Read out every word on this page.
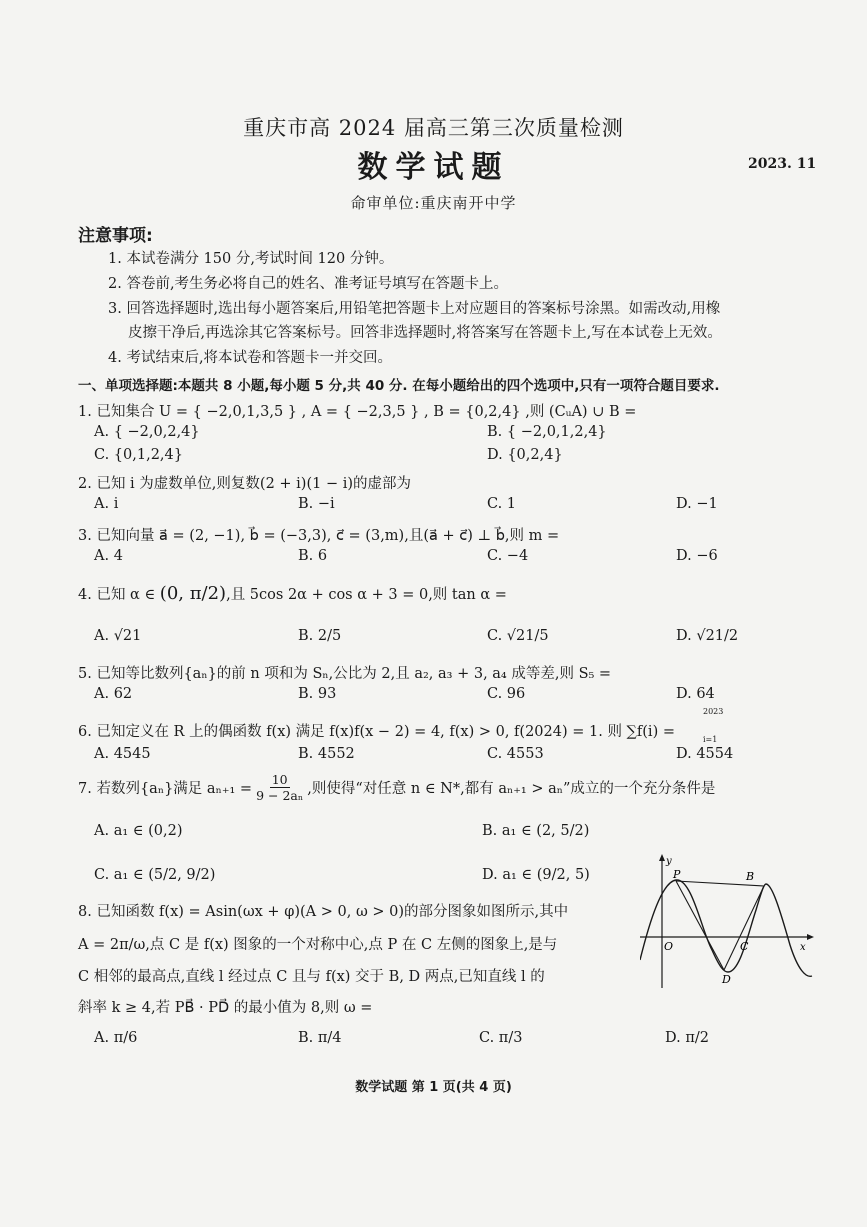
重庆市高 2024 届高三第三次质量检测
数学试题	2023. 11
命审单位:重庆南开中学
注意事项:
1. 本试卷满分 150 分,考试时间 120 分钟。
2. 答卷前,考生务必将自己的姓名、准考证号填写在答题卡上。
3. 回答选择题时,选出每小题答案后,用铅笔把答题卡上对应题目的答案标号涂黑。如需改动,用橡
皮擦干净后,再选涂其它答案标号。回答非选择题时,将答案写在答题卡上,写在本试卷上无效。
4. 考试结束后,将本试卷和答题卡一并交回。
一、单项选择题:本题共 8 小题,每小题 5 分,共 40 分. 在每小题给出的四个选项中,只有一项符合题目要求.
1. 已知集合 U = { −2,0,1,3,5 } , A = { −2,3,5 } , B = {0,2,4} ,则 (CᵤA) ∪ B =
A. { −2,0,2,4}	B. { −2,0,1,2,4}
C. {0,1,2,4}	D. {0,2,4}
2. 已知 i 为虚数单位,则复数(2 + i)(1 − i)的虚部为
A. i	B. −i	C. 1	D. −1
3. 已知向量 a⃗ = (2, −1), b⃗ = (−3,3), c⃗ = (3,m),且(a⃗ + c⃗) ⊥ b⃗,则 m =
A. 4	B. 6	C. −4	D. −6
4. 已知 α ∈ (0, π/2),且 5cos 2α + cos α + 3 = 0,则 tan α =
A. √21	B. 2/5	C. √21/5	D. √21/2
5. 已知等比数列{aₙ}的前 n 项和为 Sₙ,公比为 2,且 a₂, a₃ + 3, a₄ 成等差,则 S₅ =
A. 62	B. 93	C. 96	D. 64
6. 已知定义在 R 上的偶函数 f(x) 满足 f(x)f(x − 2) = 4, f(x) > 0, f(2024) = 1. 则 ∑f(i) =
2023
i=1
A. 4545	B. 4552	C. 4553	D. 4554
7. 若数列{aₙ}满足 $a_{n+1} = \frac{10}{\text{9 − 2aₙ}}$ ,则使得“对任意 n ∈ N*,都有 aₙ₊₁ > aₙ”成立的一个充分条件是
A. a₁ ∈ (0,2)	B. a₁ ∈ (2, 5/2)
C. a₁ ∈ (5/2, 9/2)	D. a₁ ∈ (9/2, 5)
8. 已知函数 f(x) = Asin(ωx + φ)(A > 0, ω > 0)的部分图象如图所示,其中
A = 2π/ω,点 C 是 f(x) 图象的一个对称中心,点 P 在 C 左侧的图象上,是与
C 相邻的最高点,直线 l 经过点 C 且与 f(x) 交于 B, D 两点,已知直线 l 的
斜率 k ≥ 4,若 PB⃗ · PD⃗ 的最小值为 8,则 ω =
A. π/6	B. π/4	C. π/3	D. π/2
y
x
O
P	B
C
D
数学试题 第 1 页(共 4 页)
